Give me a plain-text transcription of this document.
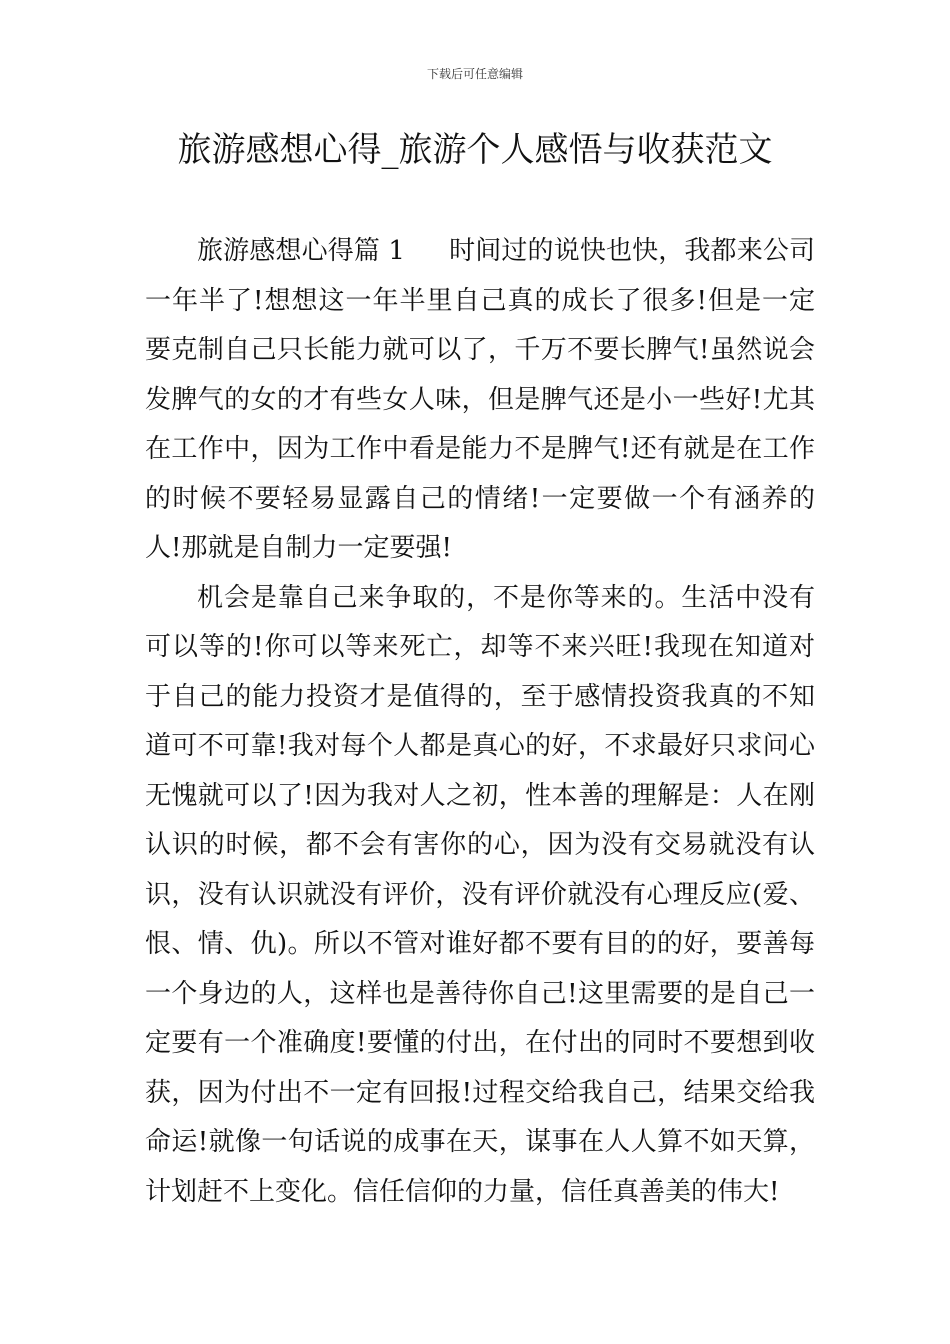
下载后可任意编辑
旅游感想心得_旅游个人感悟与收获范文

旅游感想心得篇 1 时间过的说快也快，我都来公司一年半了!想想这一年半里自己真的成长了很多!但是一定要克制自己只长能力就可以了，千万不要长脾气!虽然说会发脾气的女的才有些女人味，但是脾气还是小一些好!尤其在工作中，因为工作中看是能力不是脾气!还有就是在工作的时候不要轻易显露自己的情绪!一定要做一个有涵养的人!那就是自制力一定要强!

机会是靠自己来争取的，不是你等来的。生活中没有可以等的!你可以等来死亡，却等不来兴旺!我现在知道对于自己的能力投资才是值得的，至于感情投资我真的不知道可不可靠!我对每个人都是真心的好，不求最好只求问心无愧就可以了!因为我对人之初，性本善的理解是：人在刚认识的时候，都不会有害你的心，因为没有交易就没有认识，没有认识就没有评价，没有评价就没有心理反应(爱、恨、情、仇)。所以不管对谁好都不要有目的的好，要善每一个身边的人，这样也是善待你自己!这里需要的是自己一定要有一个准确度!要懂的付出，在付出的同时不要想到收获，因为付出不一定有回报!过程交给我自己，结果交给我命运!就像一句话说的成事在天，谋事在人人算不如天算，计划赶不上变化。信任信仰的力量，信任真善美的伟大!
